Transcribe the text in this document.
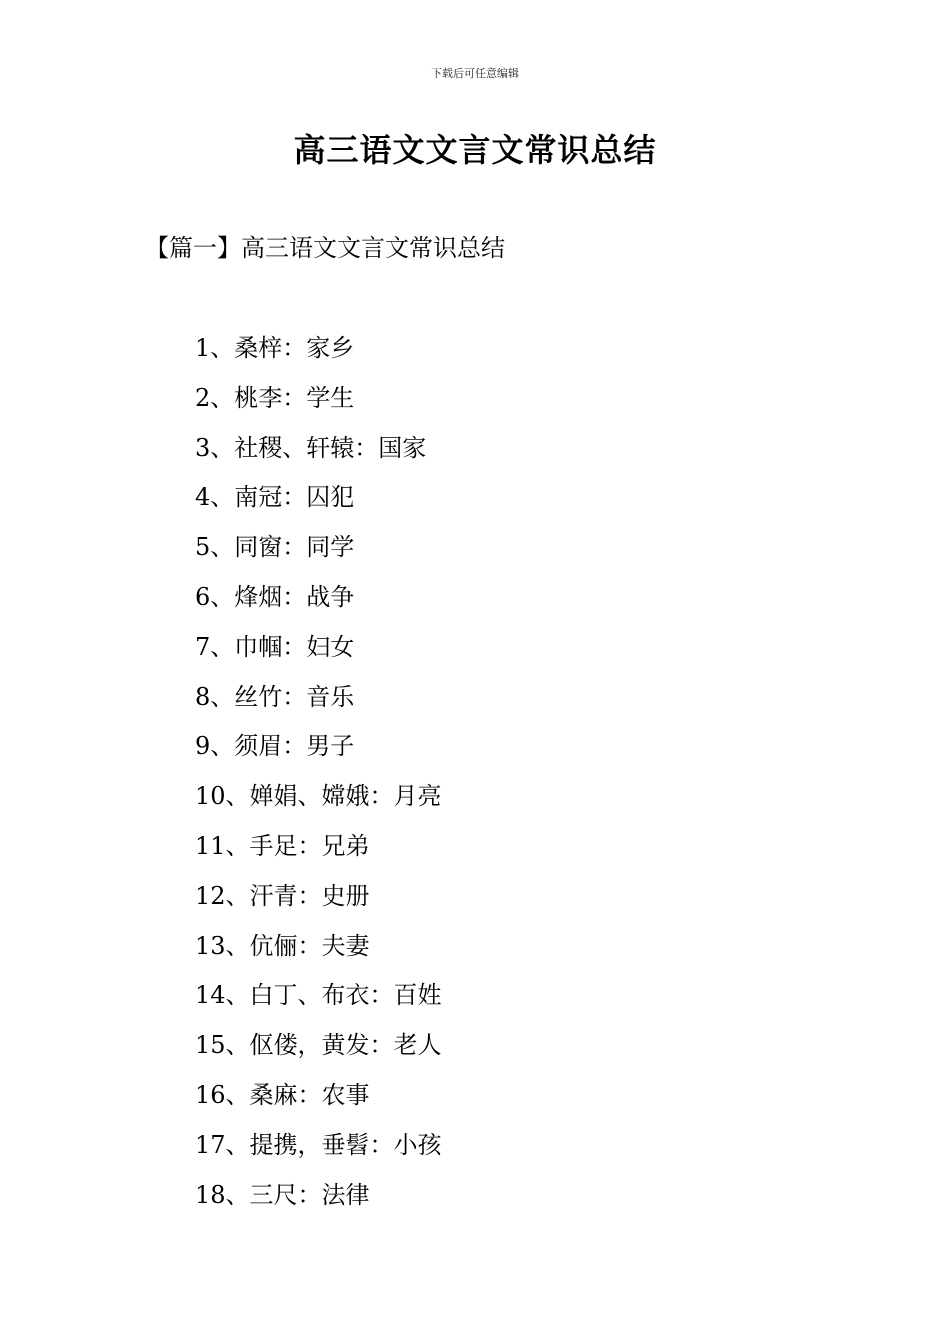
下载后可任意编辑
高三语文文言文常识总结
【篇一】高三语文文言文常识总结
1、桑梓：家乡
2、桃李：学生
3、社稷、轩辕：国家
4、南冠：囚犯
5、同窗：同学
6、烽烟：战争
7、巾帼：妇女
8、丝竹：音乐
9、须眉：男子
10、婵娟、嫦娥：月亮
11、手足：兄弟
12、汗青：史册
13、伉俪：夫妻
14、白丁、布衣：百姓
15、伛偻，黄发：老人
16、桑麻：农事
17、提携，垂髫：小孩
18、三尺：法律
